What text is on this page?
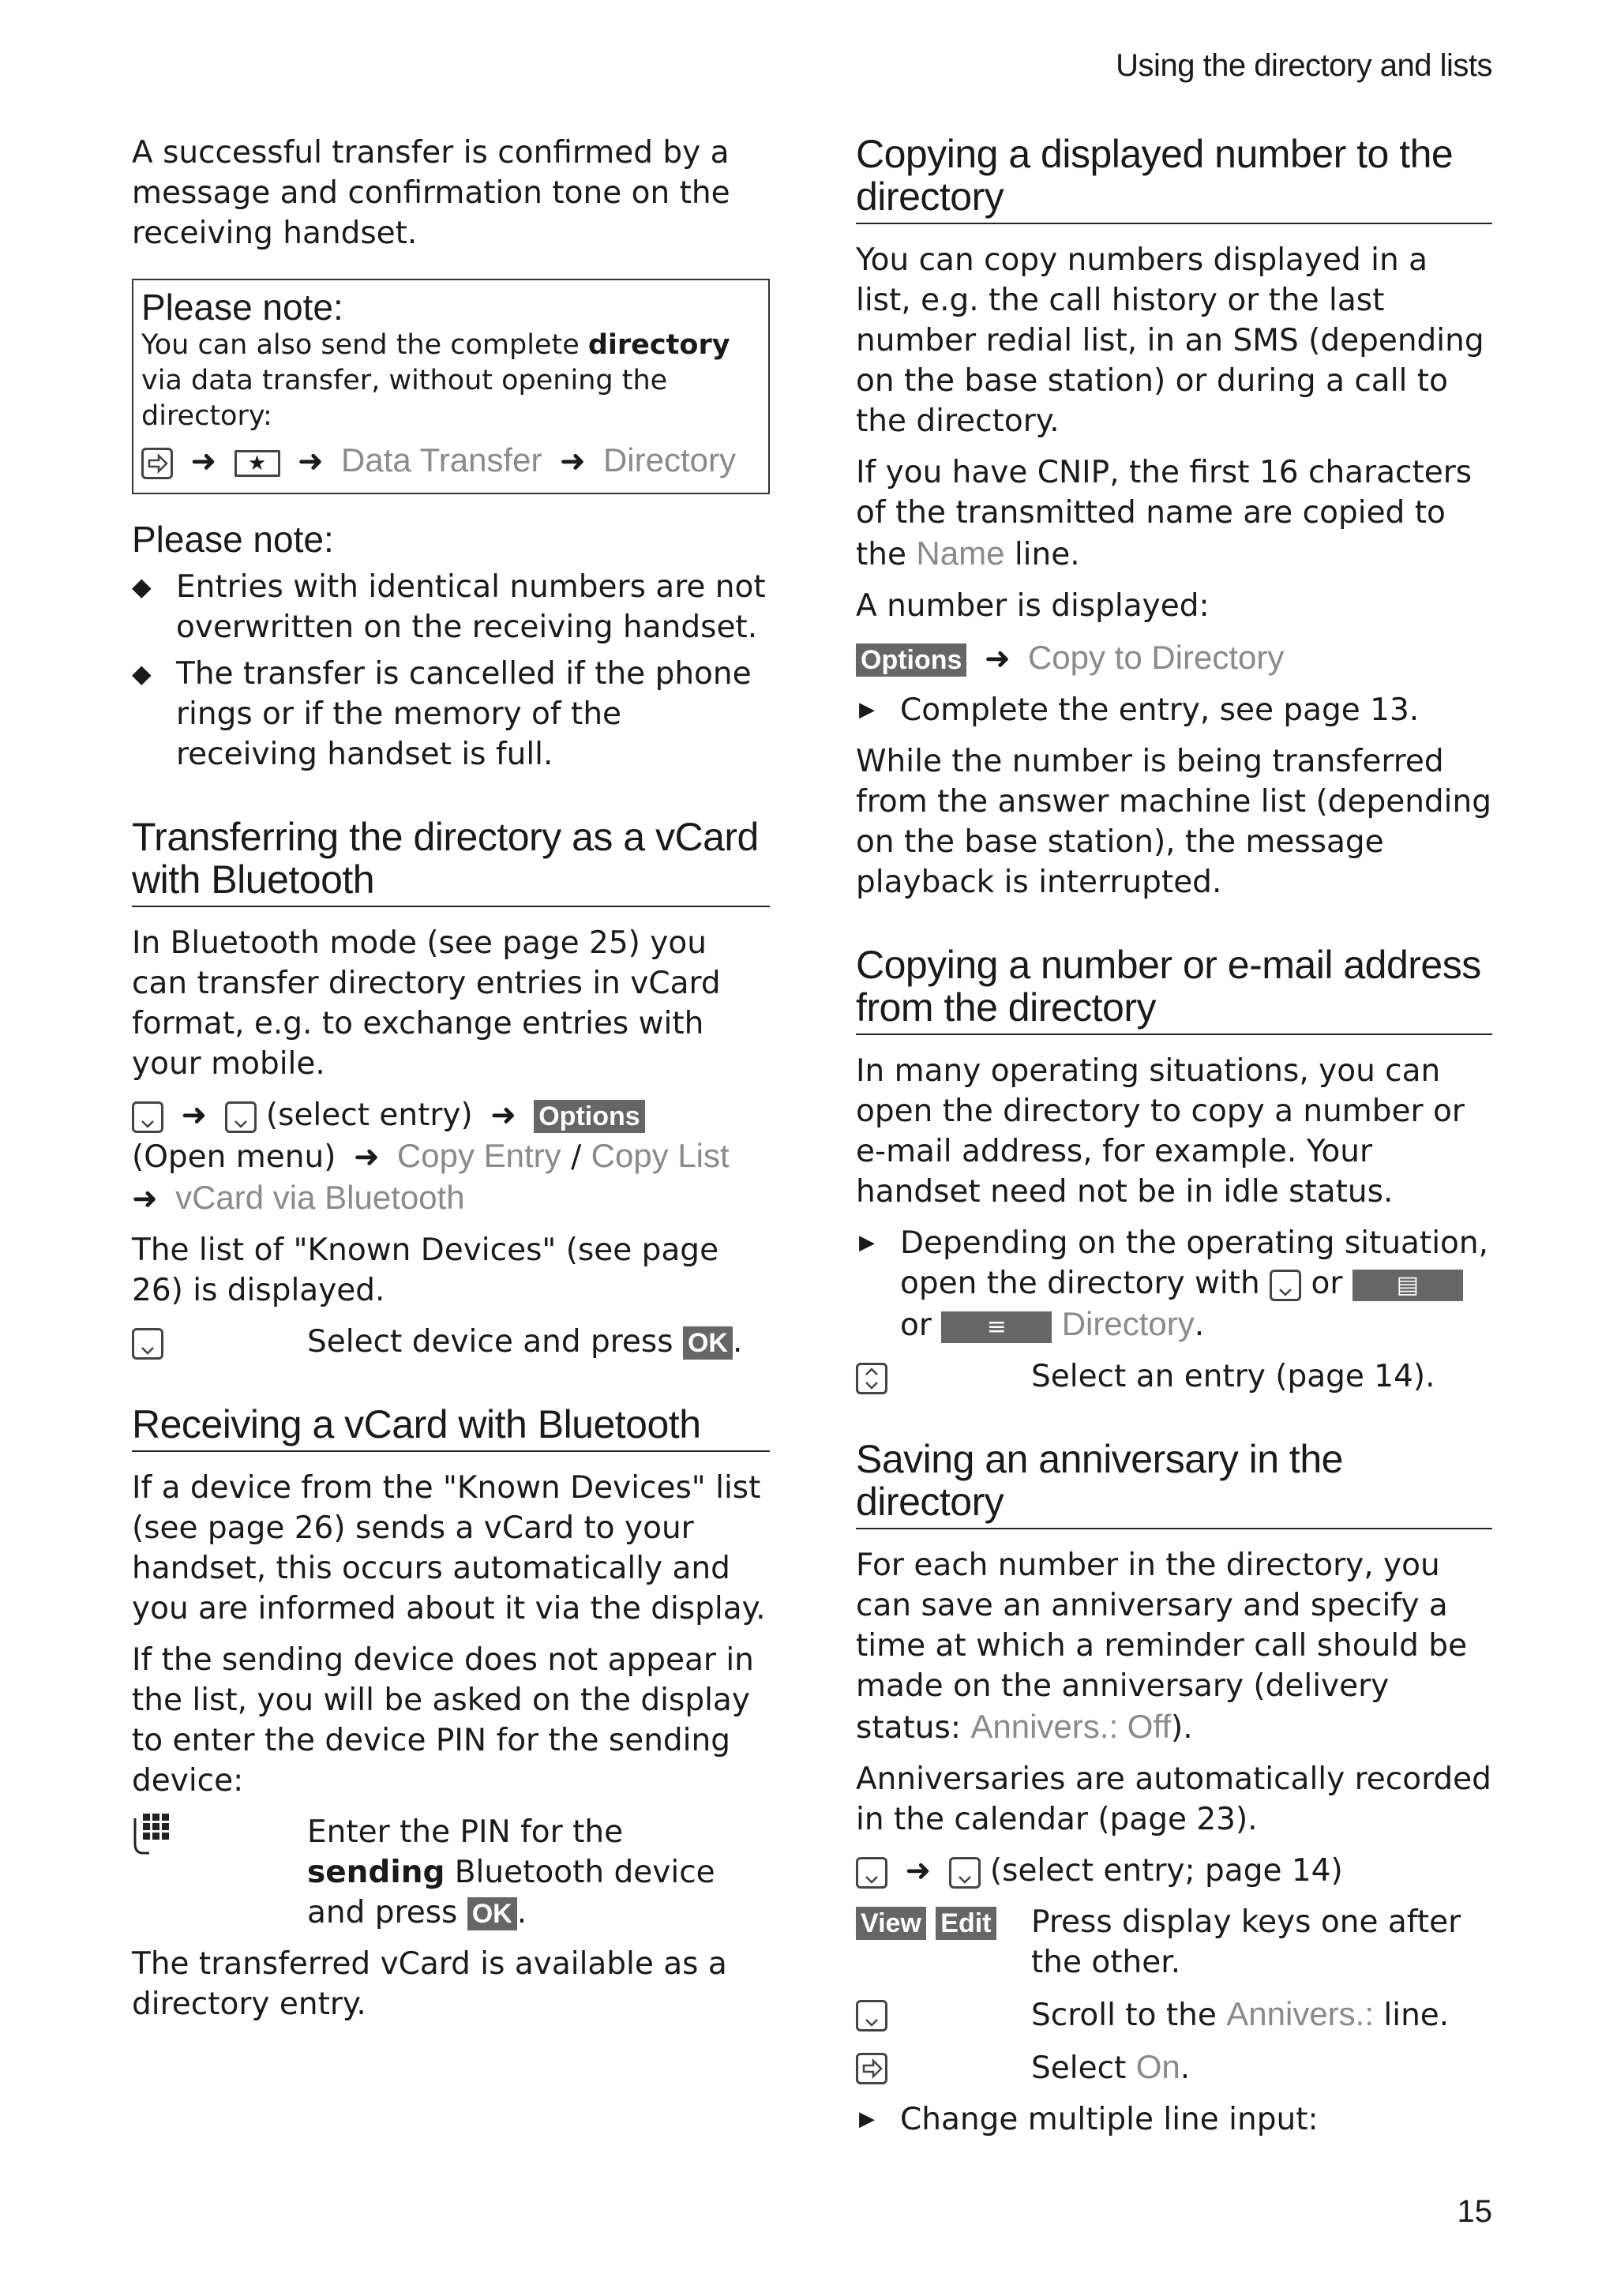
Using the directory and lists

A successful transfer is confirmed by a message and confirmation tone on the receiving handset.

Please note:
You can also send the complete directory via data transfer, without opening the directory:
➜ ★ ➜ Data Transfer ➜ Directory
Please note:
◆ Entries with identical numbers are not overwritten on the receiving handset.
◆ The transfer is cancelled if the phone rings or if the memory of the receiving handset is full.
Transferring the directory as a vCard with Bluetooth

In Bluetooth mode (see page 25) you can transfer directory entries in vCard format, e.g. to exchange entries with your mobile.

➜ (select entry) ➜ Options
(Open menu) ➜ Copy Entry / Copy List
➜ vCard via Bluetooth

The list of "Known Devices" (see page 26) is displayed.

Select device and press OK .
Receiving a vCard with Bluetooth

If a device from the "Known Devices" list (see page 26) sends a vCard to your handset, this occurs automatically and you are informed about it via the display.

If the sending device does not appear in the list, you will be asked on the display to enter the device PIN for the sending device:

Enter the PIN for the sending Bluetooth device and press OK .

The transferred vCard is available as a directory entry.

Copying a displayed number to the directory

You can copy numbers displayed in a list, e.g. the call history or the last number redial list, in an SMS (depending on the base station) or during a call to the directory.

If you have CNIP, the first 16 characters of the transmitted name are copied to the Name line.

A number is displayed:

Options ➜ Copy to Directory

▶ Complete the entry, see page 13.

While the number is being transferred from the answer machine list (depending on the base station), the message playback is interrupted.

Copying a number or e-mail address from the directory

In many operating situations, you can open the directory to copy a number or e-mail address, for example. Your handset need not be in idle status.

▶ Depending on the operating situation, open the directory with
or ▤
or ≡ Directory.

Select an entry (page 14).
Saving an anniversary in the directory

For each number in the directory, you can save an anniversary and specify a time at which a reminder call should be made on the anniversary (delivery status: Annivers.: Off).

Anniversaries are automatically recorded in the calendar (page 23).

➜ (select entry; page 14)

View Edit	Press display keys one after the other.
Scroll to the Annivers.: line.
Select On.

▶ Change multiple line input:

15
